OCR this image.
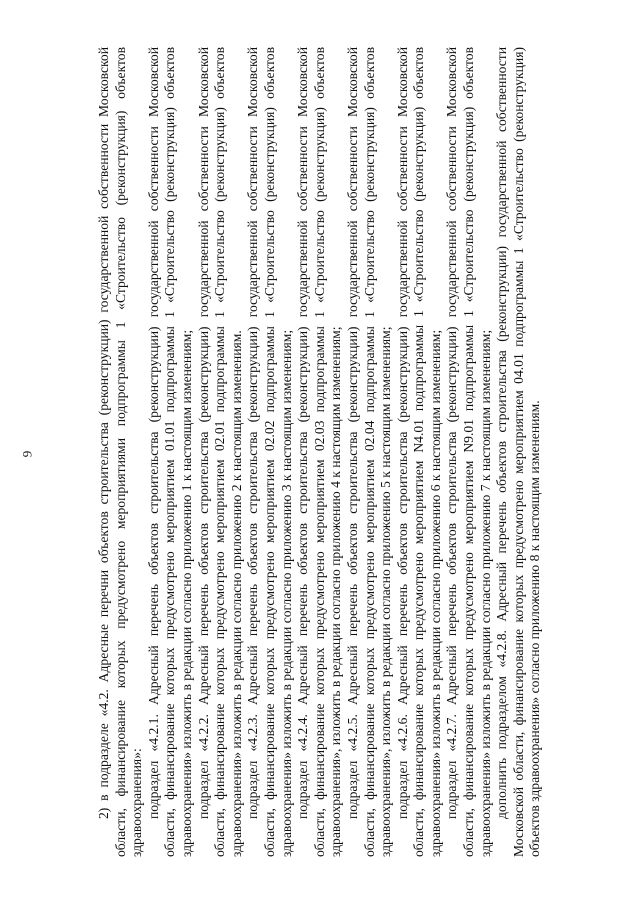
9	2) в подразделе «4.2. Адресные перечни объектов строительства (реконструкции) государственной собственности Московской области, финансирование которых предусмотрено мероприятиями подпрограммы 1 «Строительство (реконструкция) объектов здравоохранения»: подраздел «4.2.1. Адресный перечень объектов строительства (реконструкции) государственной собственности Московской области, финансирование которых предусмотрено мероприятием 01.01 подпрограммы 1 «Строительство (реконструкция) объектов здравоохранения» изложить в редакции согласно приложению 1 к настоящим изменениям; подраздел «4.2.2. Адресный перечень объектов строительства (реконструкции) государственной собственности Московской области, финансирование которых предусмотрено мероприятием 02.01 подпрограммы 1 «Строительство (реконструкция) объектов здравоохранения» изложить в редакции согласно приложению 2 к настоящим изменениям. подраздел «4.2.3. Адресный перечень объектов строительства (реконструкции) государственной собственности Московской области, финансирование которых предусмотрено мероприятием 02.02 подпрограммы 1 «Строительство (реконструкция) объектов здравоохранения» изложить в редакции согласно приложению 3 к настоящим изменениям; подраздел «4.2.4. Адресный перечень объектов строительства (реконструкции) государственной собственности Московской области, финансирование которых предусмотрено мероприятием 02.03 подпрограммы 1 «Строительство (реконструкция) объектов здравоохранения», изложить в редакции согласно приложению 4 к настоящим изменениям; подраздел «4.2.5. Адресный перечень объектов строительства (реконструкции) государственной собственности Московской области, финансирование которых предусмотрено мероприятием 02.04 подпрограммы 1 «Строительство (реконструкция) объектов здравоохранения», изложить в редакции согласно приложению 5 к настоящим изменениям; подраздел «4.2.6. Адресный перечень объектов строительства (реконструкции) государственной собственности Московской области, финансирование которых предусмотрено мероприятием N4.01 подпрограммы 1 «Строительство (реконструкция) объектов здравоохранения» изложить в редакции согласно приложению 6 к настоящим изменениям; подраздел «4.2.7. Адресный перечень объектов строительства (реконструкции) государственной собственности Московской области, финансирование которых предусмотрено мероприятием N9.01 подпрограммы 1 «Строительство (реконструкция) объектов здравоохранения» изложить в редакции согласно приложению 7 к настоящим изменениям; дополнить подразделом «4.2.8. Адресный перечень объектов строительства (реконструкции) государственной собственности Московской области, финансирование которых предусмотрено мероприятием 04.01 подпрограммы 1 «Строительство (реконструкция) объектов здравоохранения» согласно приложению 8 к настоящим изменениям.
